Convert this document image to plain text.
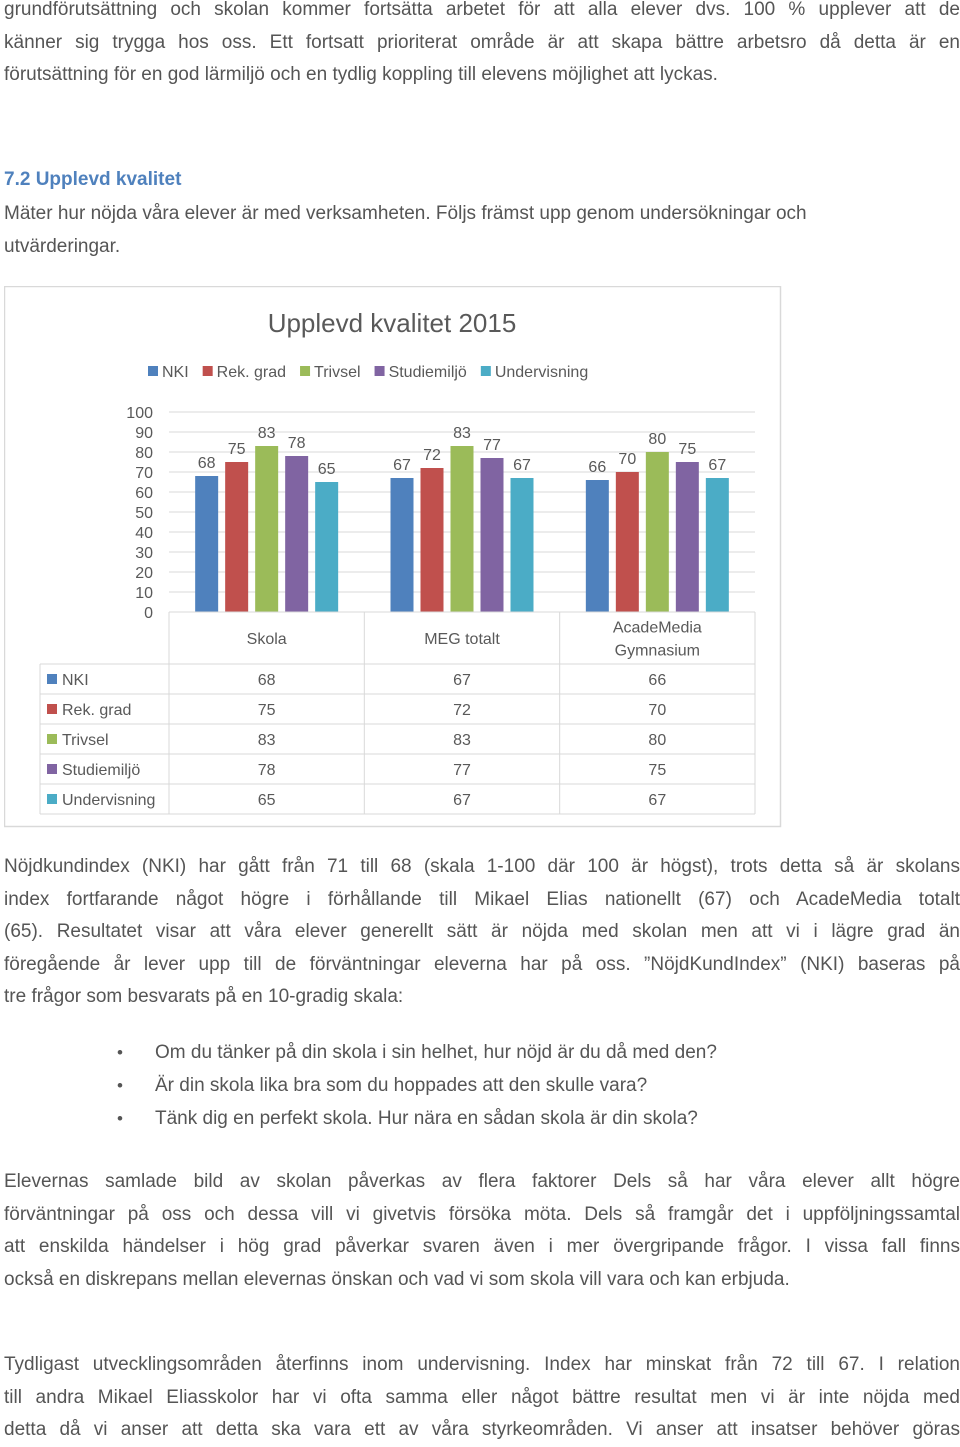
grundförutsättning och skolan kommer fortsätta arbetet för att alla elever dvs. 100 % upplever att de
känner sig trygga hos oss. Ett fortsatt prioriterat område är att skapa bättre arbetsro då detta är en
förutsättning för en god lärmiljö och en tydlig koppling till elevens möjlighet att lyckas.
7.2 Upplevd kvalitet
Mäter hur nöjda våra elever är med verksamheten. Följs främst upp genom undersökningar och
utvärderingar.
Upplevd kvalitet 2015
NKI Rek. grad Trivsel Studiemiljö Undervisning
0
10
20
30
40
50
60
70
80
90
100
68
75
83
78
65	67
72
83
77
67	66 70
80
75
67
Skola	MEG totalt
AcadeMedia
Gymnasium
NKI	68	67	66
Rek. grad	75	72	70
Trivsel	83	83	80
Studiemiljö	78	77	75
Undervisning	65	67	67
Nöjdkundindex (NKI) har gått från 71 till 68 (skala 1-100 där 100 är högst), trots detta så är skolans
index fortfarande något högre i förhållande till Mikael Elias nationellt (67) och AcadeMedia totalt
(65). Resultatet visar att våra elever generellt sätt är nöjda med skolan men att vi i lägre grad än
föregående år lever upp till de förväntningar eleverna har på oss. ”NöjdKundIndex” (NKI) baseras på
tre frågor som besvarats på en 10-gradig skala:
• Om du tänker på din skola i sin helhet, hur nöjd är du då med den?
• Är din skola lika bra som du hoppades att den skulle vara?
• Tänk dig en perfekt skola. Hur nära en sådan skola är din skola?
Elevernas samlade bild av skolan påverkas av flera faktorer Dels så har våra elever allt högre
förväntningar på oss och dessa vill vi givetvis försöka möta. Dels så framgår det i uppföljningssamtal
att enskilda händelser i hög grad påverkar svaren även i mer övergripande frågor. I vissa fall finns
också en diskrepans mellan elevernas önskan och vad vi som skola vill vara och kan erbjuda.
Tydligast utvecklingsområden återfinns inom undervisning. Index har minskat från 72 till 67. I relation
till andra Mikael Eliasskolor har vi ofta samma eller något bättre resultat men vi är inte nöjda med
detta då vi anser att detta ska vara ett av våra styrkeområden. Vi anser att insatser behöver göras
